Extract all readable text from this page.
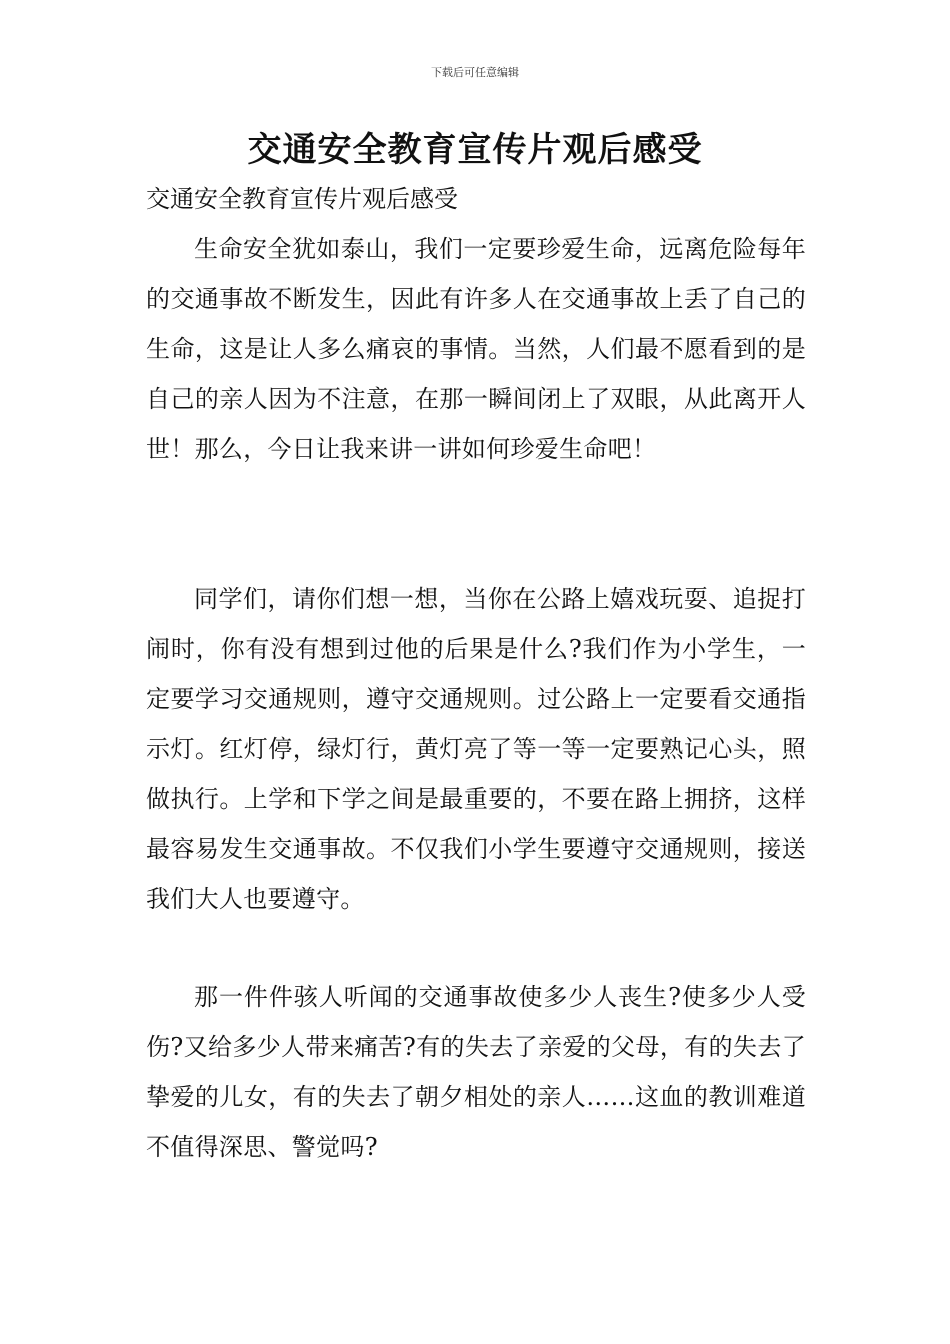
下载后可任意编辑
交通安全教育宣传片观后感受

交通安全教育宣传片观后感受

生命安全犹如泰山，我们一定要珍爱生命，远离危险每年的交通事故不断发生，因此有许多人在交通事故上丢了自己的生命，这是让人多么痛哀的事情。当然，人们最不愿看到的是自己的亲人因为不注意，在那一瞬间闭上了双眼，从此离开人世！那么，今日让我来讲一讲如何珍爱生命吧！

同学们，请你们想一想，当你在公路上嬉戏玩耍、追捉打闹时，你有没有想到过他的后果是什么?我们作为小学生，一定要学习交通规则，遵守交通规则。过公路上一定要看交通指示灯。红灯停，绿灯行，黄灯亮了等一等一定要熟记心头，照做执行。上学和下学之间是最重要的，不要在路上拥挤，这样最容易发生交通事故。不仅我们小学生要遵守交通规则，接送我们大人也要遵守。

那一件件骇人听闻的交通事故使多少人丧生?使多少人受伤?又给多少人带来痛苦?有的失去了亲爱的父母，有的失去了挚爱的儿女，有的失去了朝夕相处的亲人……这血的教训难道不值得深思、警觉吗?
